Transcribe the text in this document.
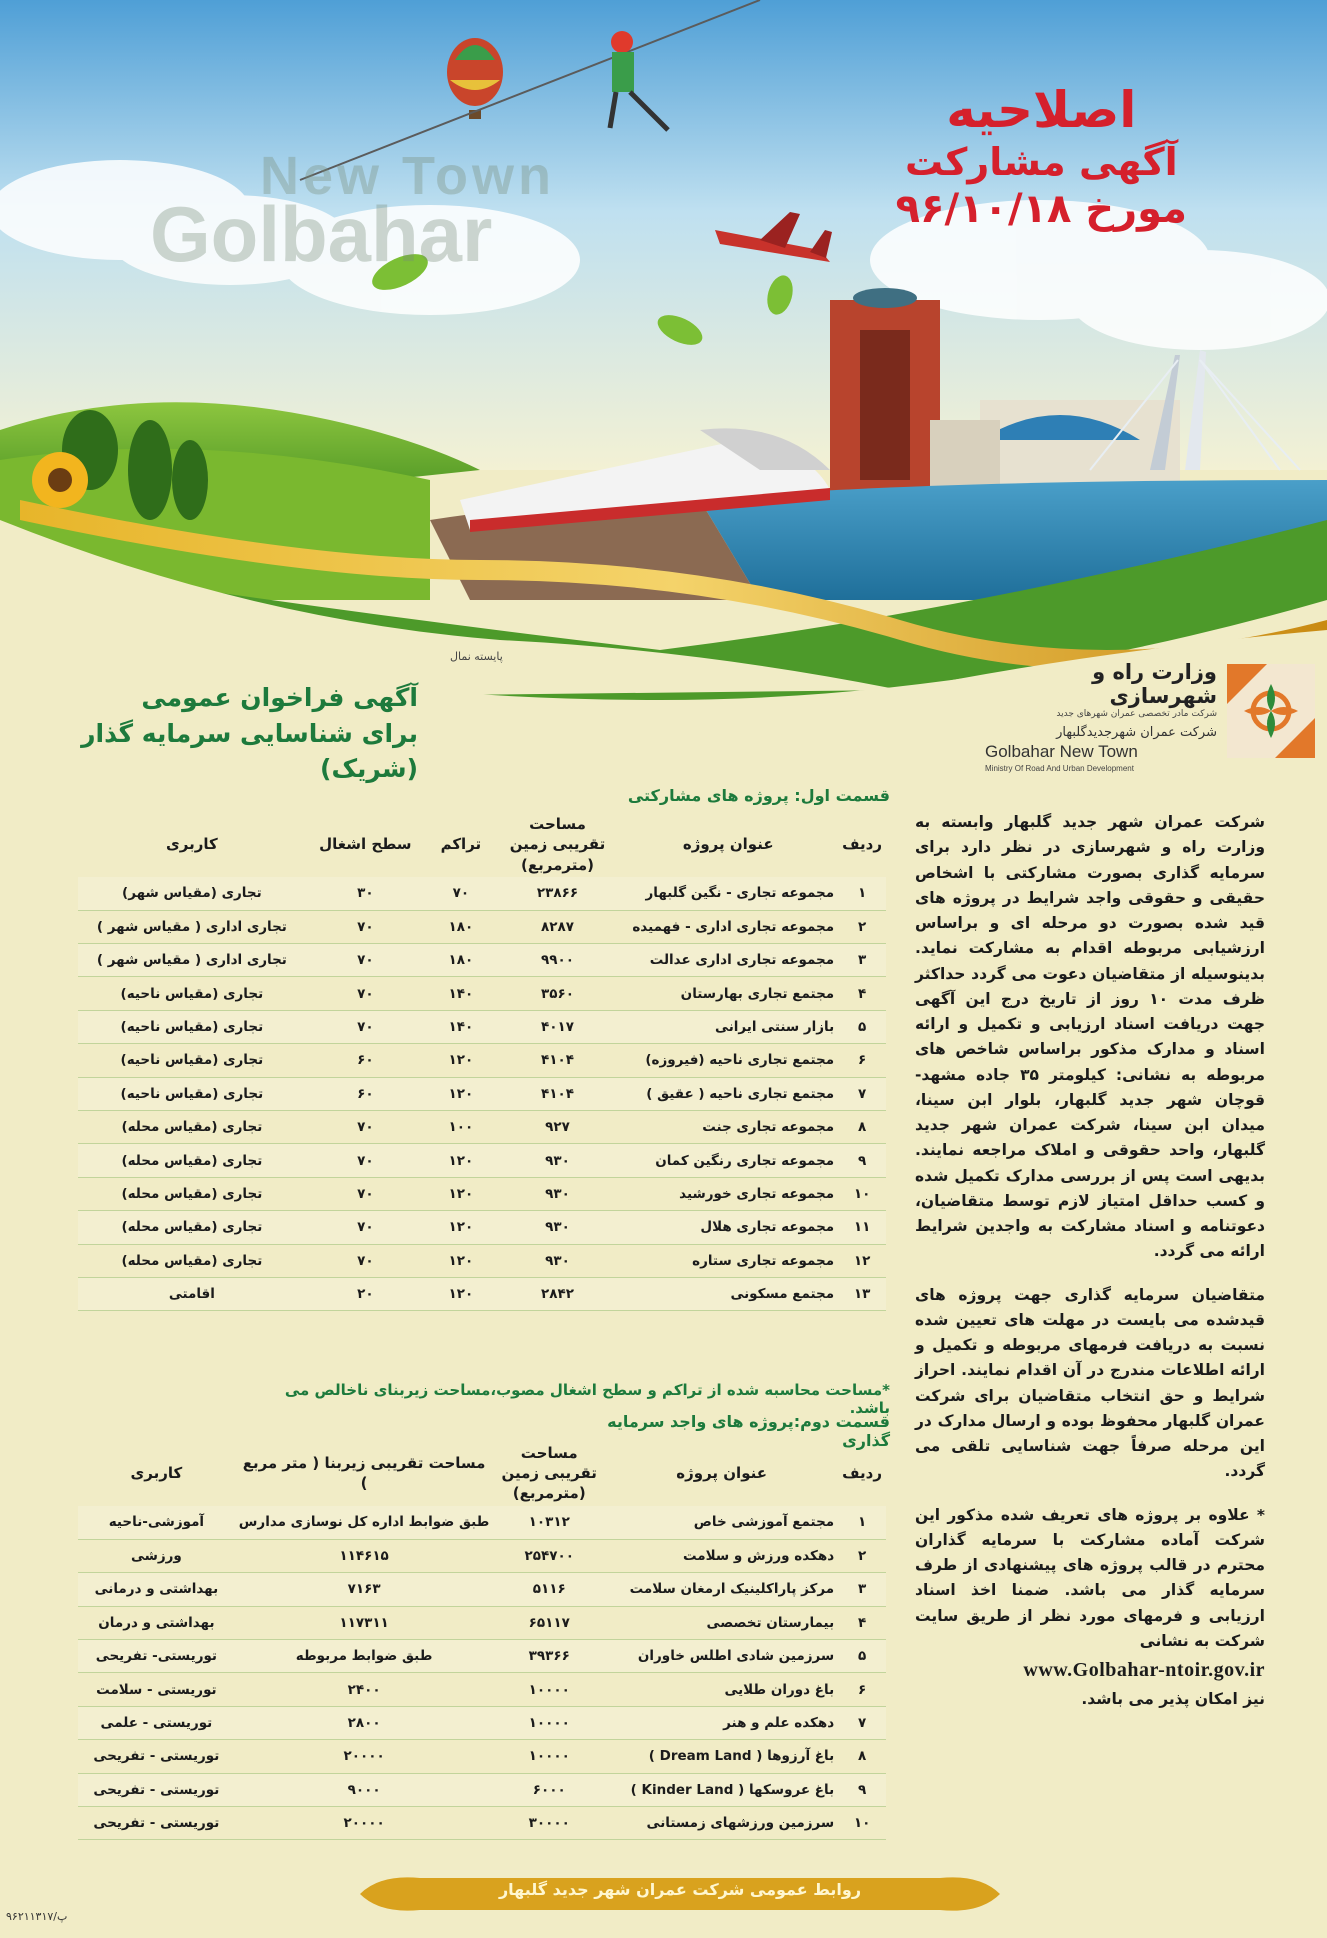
New Town
Golbahar
اصلاحیه
آگهی مشارکت
مورخ ۹۶/۱۰/۱۸
پایسته نمال
وزارت راه و شهرسازی
شرکت مادر تخصصی عمران شهرهای جدید
شرکت عمران شهرجدیدگلبهار
Golbahar New Town
Ministry Of Road And Urban Development
آگهی فراخوان عمومی
برای شناسایی سرمایه گذار
(شریک)

شرکت عمران شهر جدید گلبهار وابسته به وزارت راه و شهرسازی در نظر دارد برای سرمایه گذاری بصورت مشارکتی با اشخاص حقیقی و حقوقی واجد شرایط در پروژه های قید شده بصورت دو مرحله ای و براساس ارزشیابی مربوطه اقدام به مشارکت نماید. بدینوسیله از متقاضیان دعوت می گردد حداکثر ظرف مدت ۱۰ روز از تاریخ درج این آگهی جهت دریافت اسناد ارزیابی و تکمیل و ارائه اسناد و مدارک مذکور براساس شاخص های مربوطه به نشانی: کیلومتر ۳۵ جاده مشهد-قوچان شهر جدید گلبهار، بلوار ابن سینا، میدان ابن سینا، شرکت عمران شهر جدید گلبهار، واحد حقوقی و املاک مراجعه نمایند. بدیهی است پس از بررسی مدارک تکمیل شده و کسب حداقل امتیاز لازم توسط متقاضیان، دعوتنامه و اسناد مشارکت به واجدین شرایط ارائه می گردد.

متقاضیان سرمایه گذاری جهت پروژه های قیدشده می بایست در مهلت های تعیین شده نسبت به دریافت فرمهای مربوطه و تکمیل و ارائه اطلاعات مندرج در آن اقدام نمایند. احراز شرایط و حق انتخاب متقاضیان برای شرکت عمران گلبهار محفوظ بوده و ارسال مدارک در این مرحله صرفاً جهت شناسایی تلقی می گردد.

* علاوه بر پروژه های تعریف شده مذکور این شرکت آماده مشارکت با سرمایه گذاران محترم در قالب پروژه های پیشنهادی از طرف سرمایه گذار می باشد. ضمنا اخذ اسناد ارزیابی و فرمهای مورد نظر از طریق سایت شرکت به نشانی

www.Golbahar-ntoir.gov.ir
نیز امکان پذیر می باشد.
قسمت اول: پروژه های مشارکتی
ردیف	عنوان پروژه	مساحت تقریبی زمین (مترمربع)	تراکم	سطح اشغال	کاربری
۱	مجموعه تجاری - نگین گلبهار	۲۳۸۶۶	۷۰	۳۰	تجاری (مقیاس شهر)
۲	مجموعه تجاری اداری - فهمیده	۸۲۸۷	۱۸۰	۷۰	تجاری اداری ( مقیاس شهر )
۳	مجموعه تجاری اداری عدالت	۹۹۰۰	۱۸۰	۷۰	تجاری اداری ( مقیاس شهر )
۴	مجتمع تجاری بهارستان	۳۵۶۰	۱۴۰	۷۰	تجاری (مقیاس ناحیه)
۵	بازار سنتی ایرانی	۴۰۱۷	۱۴۰	۷۰	تجاری (مقیاس ناحیه)
۶	مجتمع تجاری ناحیه (فیروزه)	۴۱۰۴	۱۲۰	۶۰	تجاری (مقیاس ناحیه)
۷	مجتمع تجاری ناحیه ( عقیق )	۴۱۰۴	۱۲۰	۶۰	تجاری (مقیاس ناحیه)
۸	مجموعه تجاری جنت	۹۲۷	۱۰۰	۷۰	تجاری (مقیاس محله)
۹	مجموعه تجاری رنگین کمان	۹۳۰	۱۲۰	۷۰	تجاری (مقیاس محله)
۱۰	مجموعه تجاری خورشید	۹۳۰	۱۲۰	۷۰	تجاری (مقیاس محله)
۱۱	مجموعه تجاری هلال	۹۳۰	۱۲۰	۷۰	تجاری (مقیاس محله)
۱۲	مجموعه تجاری ستاره	۹۳۰	۱۲۰	۷۰	تجاری (مقیاس محله)
۱۳	مجتمع مسکونی	۲۸۴۲	۱۲۰	۲۰	اقامتی
*مساحت محاسبه شده از تراکم و سطح اشغال مصوب،مساحت زیربنای ناخالص می باشد.
قسمت دوم:پروژه های واجد سرمایه گذاری
ردیف	عنوان پروژه	مساحت تقریبی زمین (مترمربع)	مساحت تقریبی زیربنا ( متر مربع )	کاربری
۱	مجتمع آموزشی خاص	۱۰۳۱۲	طبق ضوابط اداره کل نوسازی مدارس	آموزشی-ناحیه
۲	دهکده ورزش و سلامت	۲۵۴۷۰۰	۱۱۴۶۱۵	ورزشی
۳	مرکز پاراکلینیک ارمغان سلامت	۵۱۱۶	۷۱۶۳	بهداشتی و درمانی
۴	بیمارستان تخصصی	۶۵۱۱۷	۱۱۷۳۱۱	بهداشتی و درمان
۵	سرزمین شادی اطلس خاوران	۳۹۳۶۶	طبق ضوابط مربوطه	توریستی- تفریحی
۶	باغ دوران طلایی	۱۰۰۰۰	۲۴۰۰	توریستی - سلامت
۷	دهکده علم و هنر	۱۰۰۰۰	۲۸۰۰	توریستی - علمی
۸	باغ آرزوها ( Dream Land )	۱۰۰۰۰	۲۰۰۰۰	توریستی - تفریحی
۹	باغ عروسکها ( Kinder Land )	۶۰۰۰	۹۰۰۰	توریستی - تفریحی
۱۰	سرزمین ورزشهای زمستانی	۳۰۰۰۰	۲۰۰۰۰	توریستی - تفریحی
روابط عمومی شرکت عمران شهر جدید گلبهار
۹۶۲۱۱۳۱۷/پ
